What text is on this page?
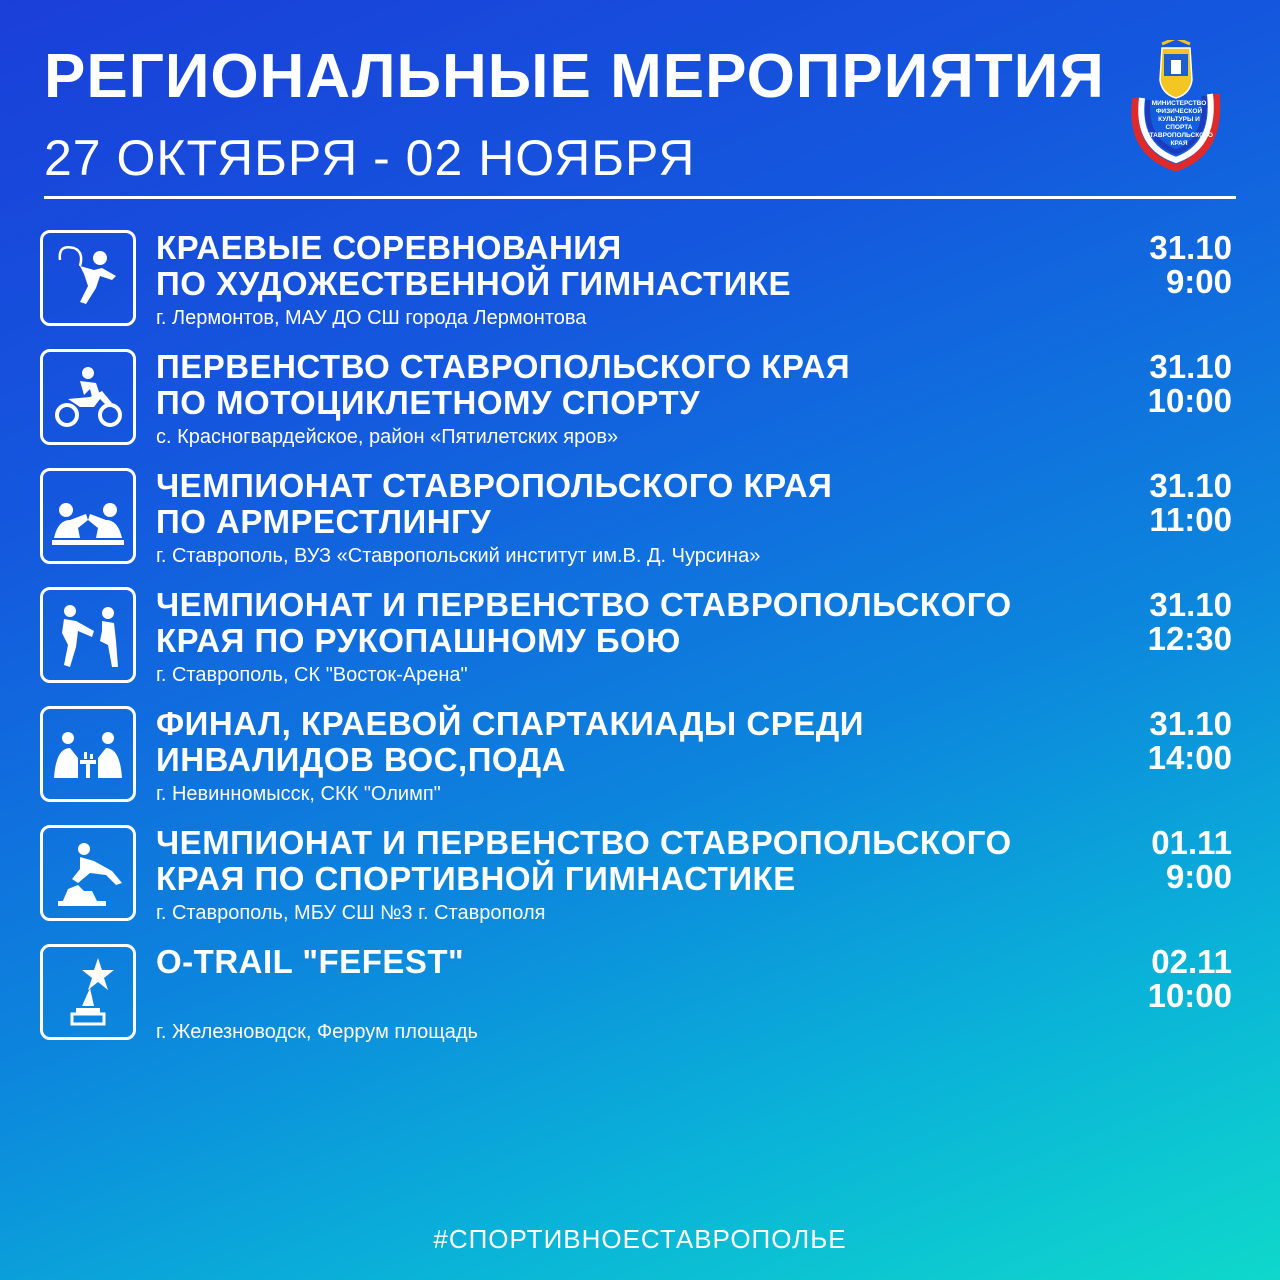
РЕГИОНАЛЬНЫЕ МЕРОПРИЯТИЯ
27 ОКТЯБРЯ - 02 НОЯБРЯ
МИНИСТЕРСТВО
ФИЗИЧЕСКОЙ
КУЛЬТУРЫ И СПОРТА
СТАВРОПОЛЬСКОГО
КРАЯ
КРАЕВЫЕ СОРЕВНОВАНИЯ
ПО ХУДОЖЕСТВЕННОЙ ГИМНАСТИКЕ
г. Лермонтов, МАУ ДО СШ города Лермонтова
31.10
9:00
ПЕРВЕНСТВО СТАВРОПОЛЬСКОГО КРАЯ
ПО МОТОЦИКЛЕТНОМУ СПОРТУ
с. Красногвардейское, район «Пятилетских яров»
31.10
10:00
ЧЕМПИОНАТ СТАВРОПОЛЬСКОГО КРАЯ
ПО АРМРЕСТЛИНГУ
г. Ставрополь, ВУЗ «Ставропольский институт им.В. Д. Чурсина»
31.10
11:00
ЧЕМПИОНАТ И ПЕРВЕНСТВО СТАВРОПОЛЬСКОГО
КРАЯ ПО РУКОПАШНОМУ БОЮ
г. Ставрополь, СК "Восток-Арена"
31.10
12:30
ФИНАЛ, КРАЕВОЙ СПАРТАКИАДЫ СРЕДИ
ИНВАЛИДОВ ВОС,ПОДА
г. Невинномысск, СКК "Олимп"
31.10
14:00
ЧЕМПИОНАТ И ПЕРВЕНСТВО СТАВРОПОЛЬСКОГО
КРАЯ ПО СПОРТИВНОЙ ГИМНАСТИКЕ
г. Ставрополь, МБУ СШ №3 г. Ставрополя
01.11
9:00
O-TRAIL "FEFEST"
г. Железноводск, Феррум площадь
02.11
10:00
#СПОРТИВНОЕСТАВРОПОЛЬЕ
